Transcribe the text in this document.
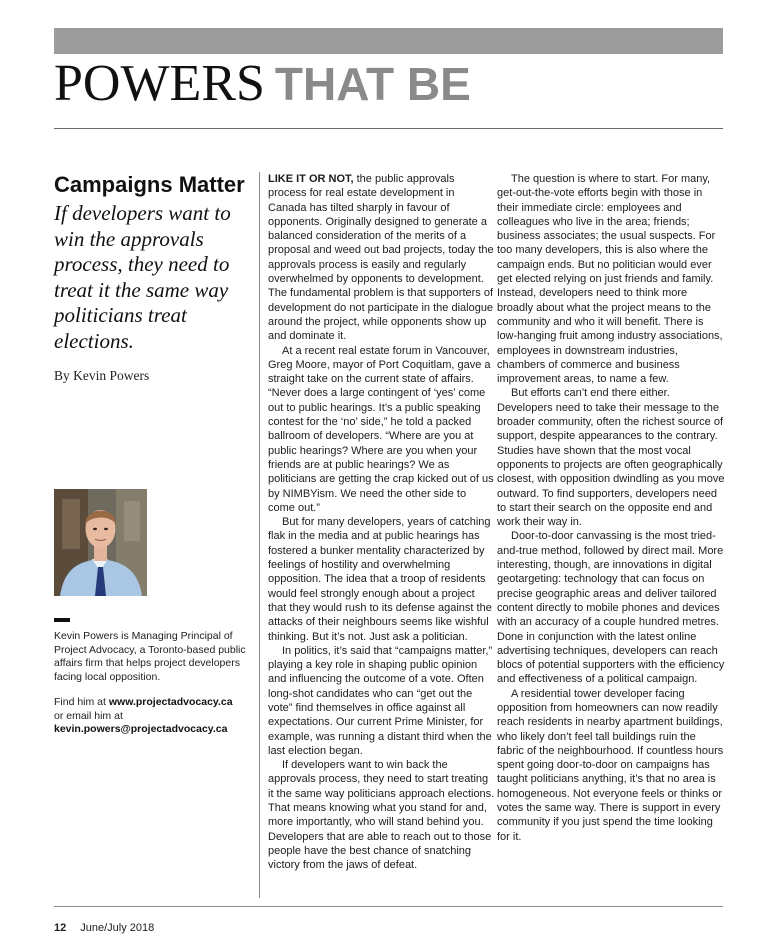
POWERS THAT BE
Campaigns Matter

If developers want to win the approvals process, they need to treat it the same way politicians treat elections.

By Kevin Powers

Kevin Powers is Managing Principal of Project Advocacy, a Toronto-based public affairs firm that helps project developers facing local opposition.

Find him at www.projectadvocacy.ca
or email him at kevin.powers@projectadvocacy.ca

LIKE IT OR NOT, the public approvals process for real estate development in Canada has tilted sharply in favour of opponents. Originally designed to generate a balanced consideration of the merits of a proposal and weed out bad projects, today the approvals process is easily and regularly overwhelmed by opponents to development. The fundamental problem is that supporters of development do not participate in the dialogue around the project, while opponents show up and dominate it.

At a recent real estate forum in Vancouver, Greg Moore, mayor of Port Coquitlam, gave a straight take on the current state of affairs. “Never does a large contingent of ‘yes’ come out to public hearings. It’s a public speaking contest for the ‘no’ side,” he told a packed ballroom of developers. “Where are you at public hearings? Where are you when your friends are at public hearings? We as politicians are getting the crap kicked out of us by NIMBYism. We need the other side to come out.”

But for many developers, years of catching flak in the media and at public hearings has fostered a bunker mentality characterized by feelings of hostility and overwhelming opposition. The idea that a troop of residents would feel strongly enough about a project that they would rush to its defense against the attacks of their neighbours seems like wishful thinking. But it’s not. Just ask a politician.

In politics, it’s said that “campaigns matter,” playing a key role in shaping public opinion and influencing the outcome of a vote. Often long-shot candidates who can “get out the vote” find themselves in office against all expectations. Our current Prime Minister, for example, was running a distant third when the last election began.

If developers want to win back the approvals process, they need to start treating it the same way politicians approach elections. That means knowing what you stand for and, more importantly, who will stand behind you. Developers that are able to reach out to those people have the best chance of snatching victory from the jaws of defeat.

The question is where to start. For many, get-out-the-vote efforts begin with those in their immediate circle: employees and colleagues who live in the area; friends; business associates; the usual suspects. For too many developers, this is also where the campaign ends. But no politician would ever get elected relying on just friends and family. Instead, developers need to think more broadly about what the project means to the community and who it will benefit. There is low-hanging fruit among industry associations, employees in downstream industries, chambers of commerce and business improvement areas, to name a few.

But efforts can’t end there either. Developers need to take their message to the broader community, often the richest source of support, despite appearances to the contrary. Studies have shown that the most vocal opponents to projects are often geographically closest, with opposition dwindling as you move outward. To find supporters, developers need to start their search on the opposite end and work their way in.

Door-to-door canvassing is the most tried-and-true method, followed by direct mail. More interesting, though, are innovations in digital geotargeting: technology that can focus on precise geographic areas and deliver tailored content directly to mobile phones and devices with an accuracy of a couple hundred metres. Done in conjunction with the latest online advertising techniques, developers can reach blocs of potential supporters with the efficiency and effectiveness of a political campaign.

A residential tower developer facing opposition from homeowners can now readily reach residents in nearby apartment buildings, who likely don’t feel tall buildings ruin the fabric of the neighbourhood. If countless hours spent going door-to-door on campaigns has taught politicians anything, it’s that no area is homogeneous. Not everyone feels or thinks or votes the same way. There is support in every community if you just spend the time looking for it.

12 June/July 2018
